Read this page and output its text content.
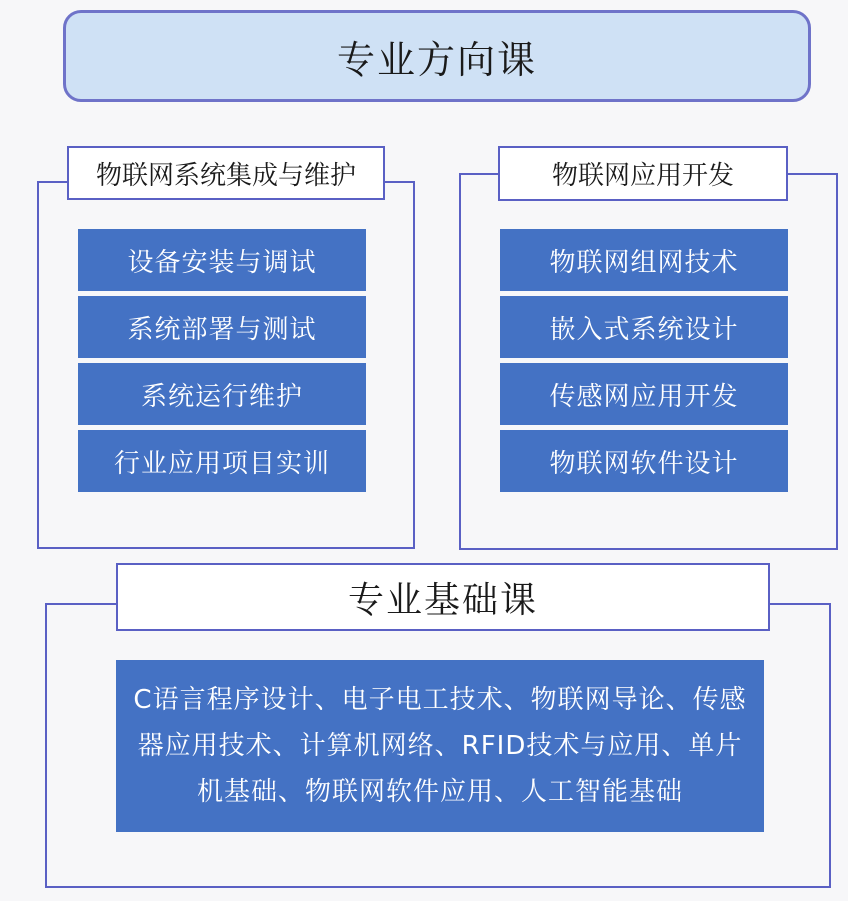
专业方向课
物联网系统集成与维护
设备安装与调试
系统部署与测试
系统运行维护
行业应用项目实训
物联网应用开发
物联网组网技术
嵌入式系统设计
传感网应用开发
物联网软件设计
专业基础课
C语言程序设计、电子电工技术、物联网导论、传感器应用技术、计算机网络、RFID技术与应用、单片机基础、物联网软件应用、人工智能基础
